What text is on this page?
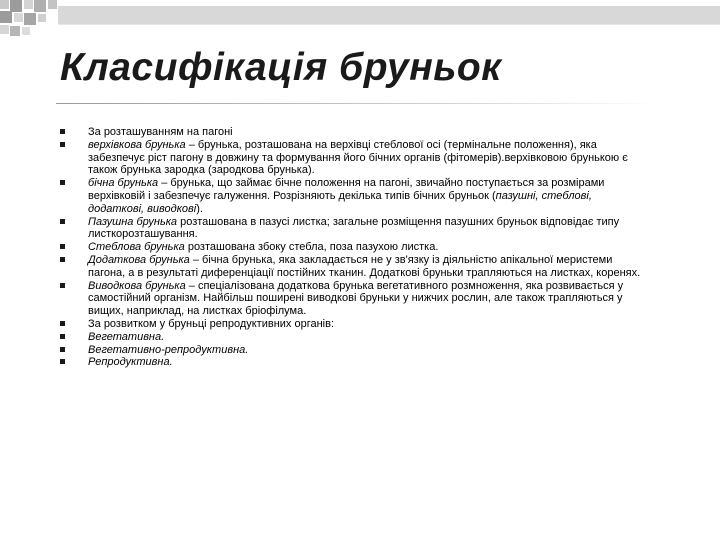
Класифікація бруньок
За розташуванням на пагоні
верхівкова брунька – брунька, розташована на верхівці стеблової осі (термінальне положення), яка забезпечує ріст пагону в довжину та формування його бічних органів (фітомерів).верхівковою брунькою є також брунька зародка (зародкова брунька).
бічна брунька – брунька, що займає бічне положення на пагоні, звичайно поступається за розмірами верхівковій і забезпечує галуження. Розрізняють декілька типів бічних бруньок (пазушні, стеблові, додаткові, виводкові).
Пазушна брунька розташована в пазусі листка; загальне розміщення пазушних бруньок відповідає типу листкорозташування.
Стеблова брунька розташована збоку стебла, поза пазухою листка.
Додаткова брунька – бічна брунька, яка закладається не у зв'язку із діяльністю апікальної меристеми пагона, а в результаті диференціації постійних тканин. Додаткові бруньки трапляються на листках, коренях.
Виводкова брунька – спеціалізована додаткова брунька вегетативного розмноження, яка розвивається у самостійний організм. Найбільш поширені виводкові бруньки у нижчих рослин, але також трапляються у вищих, наприклад, на листках бріофілума.
За розвитком у бруньці репродуктивних органів:
Вегетативна.
Вегетативно-репродуктивна.
Репродуктивна.
